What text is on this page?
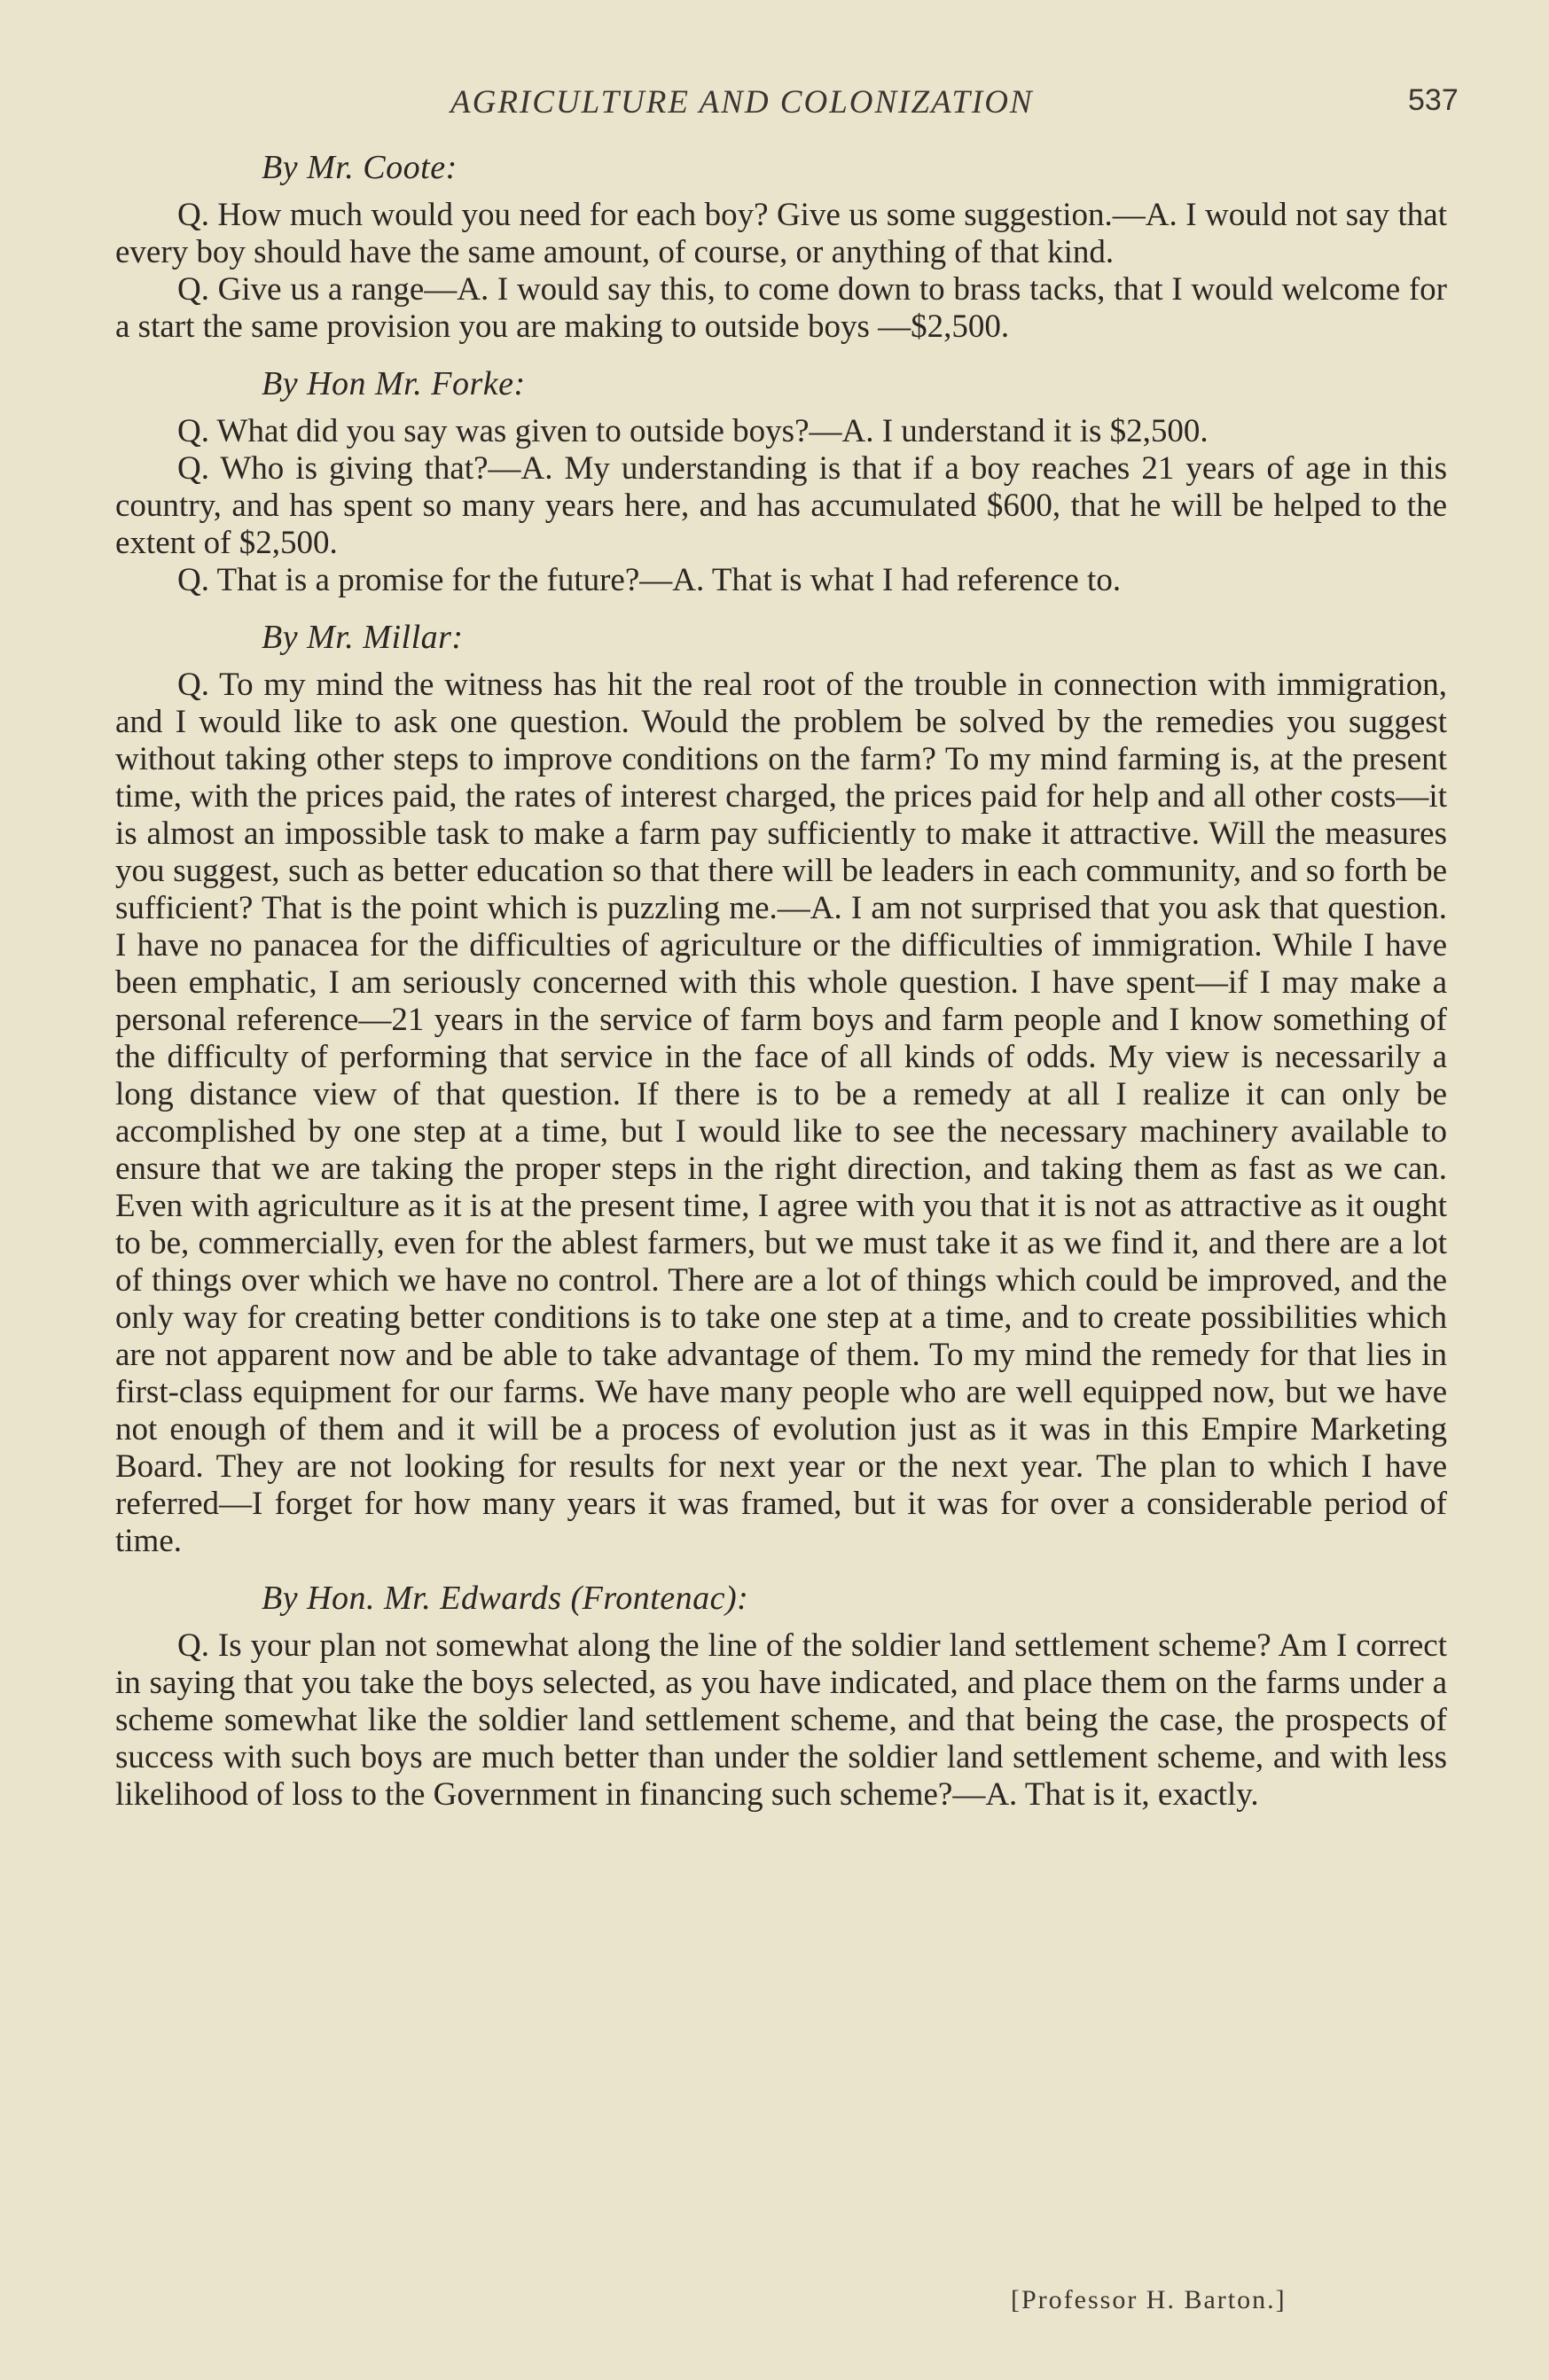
AGRICULTURE AND COLONIZATION	537

By Mr. Coote:

Q. How much would you need for each boy? Give us some suggestion.—A. I would not say that every boy should have the same amount, of course, or anything of that kind.

Q. Give us a range—A. I would say this, to come down to brass tacks, that I would welcome for a start the same provision you are making to outside boys —$2,500.

By Hon Mr. Forke:

Q. What did you say was given to outside boys?—A. I understand it is $2,500.

Q. Who is giving that?—A. My understanding is that if a boy reaches 21 years of age in this country, and has spent so many years here, and has accumulated $600, that he will be helped to the extent of $2,500.

Q. That is a promise for the future?—A. That is what I had reference to.

By Mr. Millar:

Q. To my mind the witness has hit the real root of the trouble in connection with immigration, and I would like to ask one question. Would the problem be solved by the remedies you suggest without taking other steps to improve conditions on the farm? To my mind farming is, at the present time, with the prices paid, the rates of interest charged, the prices paid for help and all other costs—it is almost an impossible task to make a farm pay sufficiently to make it attractive. Will the measures you suggest, such as better education so that there will be leaders in each community, and so forth be sufficient? That is the point which is puzzling me.—A. I am not surprised that you ask that question. I have no panacea for the difficulties of agriculture or the difficulties of immigration. While I have been emphatic, I am seriously concerned with this whole question. I have spent—if I may make a personal reference—21 years in the service of farm boys and farm people and I know something of the difficulty of performing that service in the face of all kinds of odds. My view is necessarily a long distance view of that question. If there is to be a remedy at all I realize it can only be accomplished by one step at a time, but I would like to see the necessary machinery available to ensure that we are taking the proper steps in the right direction, and taking them as fast as we can. Even with agriculture as it is at the present time, I agree with you that it is not as attractive as it ought to be, commercially, even for the ablest farmers, but we must take it as we find it, and there are a lot of things over which we have no control. There are a lot of things which could be improved, and the only way for creating better conditions is to take one step at a time, and to create possibilities which are not apparent now and be able to take advantage of them. To my mind the remedy for that lies in first-class equipment for our farms. We have many people who are well equipped now, but we have not enough of them and it will be a process of evolution just as it was in this Empire Marketing Board. They are not looking for results for next year or the next year. The plan to which I have referred—I forget for how many years it was framed, but it was for over a considerable period of time.

By Hon. Mr. Edwards (Frontenac):

Q. Is your plan not somewhat along the line of the soldier land settlement scheme? Am I correct in saying that you take the boys selected, as you have indicated, and place them on the farms under a scheme somewhat like the soldier land settlement scheme, and that being the case, the prospects of success with such boys are much better than under the soldier land settlement scheme, and with less likelihood of loss to the Government in financing such scheme?—A. That is it, exactly.

[Professor H. Barton.]
